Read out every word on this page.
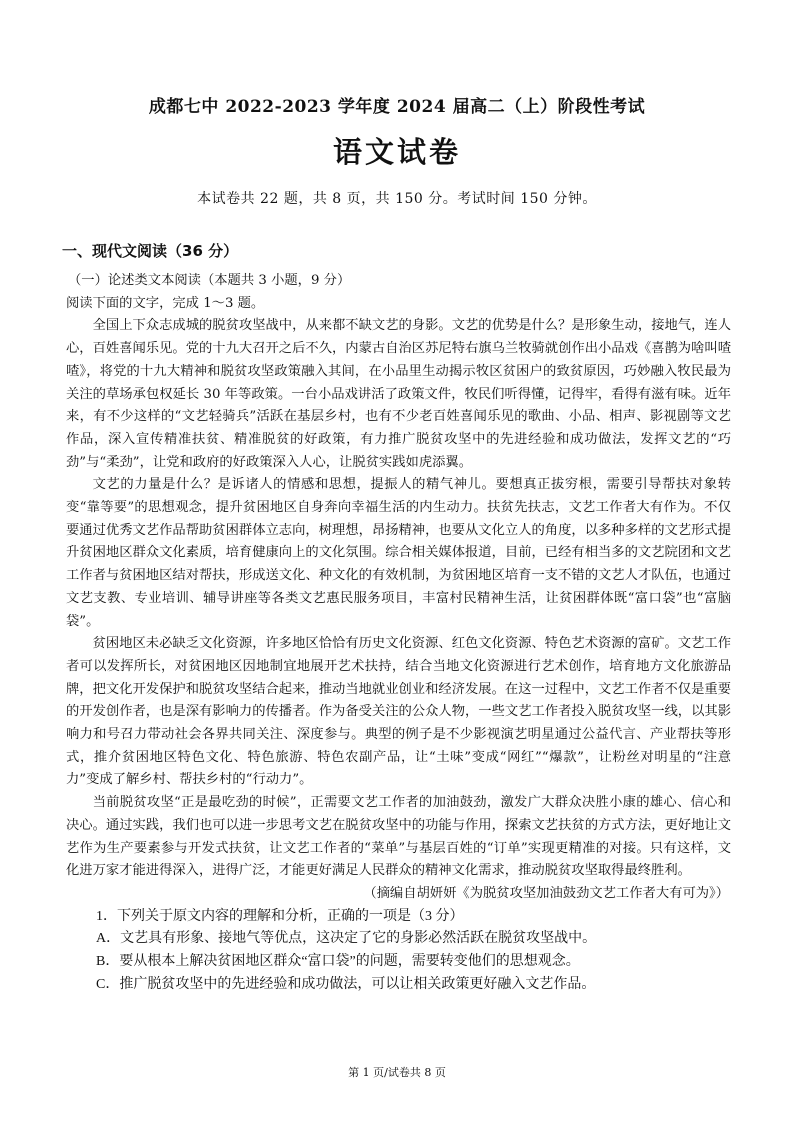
成都七中 2022-2023 学年度 2024 届高二（上）阶段性考试
语文试卷
本试卷共 22 题，共 8 页，共 150 分。考试时间 150 分钟。
一、现代文阅读（36 分）

（一）论述类文本阅读（本题共 3 小题，9 分）

阅读下面的文字，完成 1～3 题。

全国上下众志成城的脱贫攻坚战中，从来都不缺文艺的身影。文艺的优势是什么？是形象生动，接地气，连人心，百姓喜闻乐见。党的十九大召开之后不久，内蒙古自治区苏尼特右旗乌兰牧骑就创作出小品戏《喜鹊为啥叫喳喳》，将党的十九大精神和脱贫攻坚政策融入其间，在小品里生动揭示牧区贫困户的致贫原因，巧妙融入牧民最为关注的草场承包权延长 30 年等政策。一台小品戏讲活了政策文件，牧民们听得懂，记得牢，看得有滋有味。近年来，有不少这样的“文艺轻骑兵”活跃在基层乡村，也有不少老百姓喜闻乐见的歌曲、小品、相声、影视剧等文艺作品，深入宣传精准扶贫、精准脱贫的好政策，有力推广脱贫攻坚中的先进经验和成功做法，发挥文艺的“巧劲”与“柔劲”，让党和政府的好政策深入人心，让脱贫实践如虎添翼。

文艺的力量是什么？是诉诸人的情感和思想，提振人的精气神儿。要想真正拔穷根，需要引导帮扶对象转变“靠等要”的思想观念，提升贫困地区自身奔向幸福生活的内生动力。扶贫先扶志，文艺工作者大有作为。不仅要通过优秀文艺作品帮助贫困群体立志向，树理想，昂扬精神，也要从文化立人的角度，以多种多样的文艺形式提升贫困地区群众文化素质，培育健康向上的文化氛围。综合相关媒体报道，目前，已经有相当多的文艺院团和文艺工作者与贫困地区结对帮扶，形成送文化、种文化的有效机制，为贫困地区培育一支不错的文艺人才队伍，也通过文艺支教、专业培训、辅导讲座等各类文艺惠民服务项目，丰富村民精神生活，让贫困群体既“富口袋”也“富脑袋”。

贫困地区未必缺乏文化资源，许多地区恰恰有历史文化资源、红色文化资源、特色艺术资源的富矿。文艺工作者可以发挥所长，对贫困地区因地制宜地展开艺术扶持，结合当地文化资源进行艺术创作，培育地方文化旅游品牌，把文化开发保护和脱贫攻坚结合起来，推动当地就业创业和经济发展。在这一过程中，文艺工作者不仅是重要的开发创作者，也是深有影响力的传播者。作为备受关注的公众人物，一些文艺工作者投入脱贫攻坚一线，以其影响力和号召力带动社会各界共同关注、深度参与。典型的例子是不少影视演艺明星通过公益代言、产业帮扶等形式，推介贫困地区特色文化、特色旅游、特色农副产品，让“土味”变成“网红”“爆款”，让粉丝对明星的“注意力”变成了解乡村、帮扶乡村的“行动力”。

当前脱贫攻坚“正是最吃劲的时候”，正需要文艺工作者的加油鼓劲，激发广大群众决胜小康的雄心、信心和决心。通过实践，我们也可以进一步思考文艺在脱贫攻坚中的功能与作用，探索文艺扶贫的方式方法，更好地让文艺作为生产要素参与开发式扶贫，让文艺工作者的“菜单”与基层百姓的“订单”实现更精准的对接。只有这样，文化进万家才能进得深入，进得广泛，才能更好满足人民群众的精神文化需求，推动脱贫攻坚取得最终胜利。

（摘编自胡妍妍《为脱贫攻坚加油鼓劲文艺工作者大有可为》）

1．下列关于原文内容的理解和分析，正确的一项是（3 分）

A．文艺具有形象、接地气等优点，这决定了它的身影必然活跃在脱贫攻坚战中。

B．要从根本上解决贫困地区群众“富口袋”的问题，需要转变他们的思想观念。

C．推广脱贫攻坚中的先进经验和成功做法，可以让相关政策更好融入文艺作品。

第 1 页/试卷共 8 页
